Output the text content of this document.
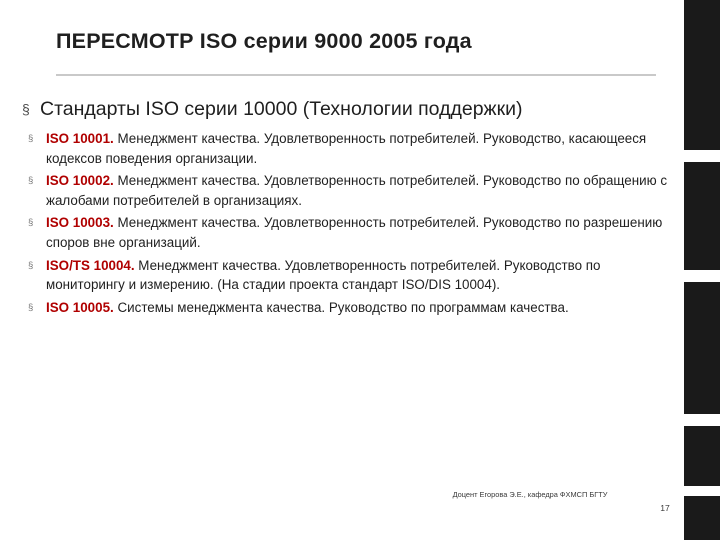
ПЕРЕСМОТР ISO серии 9000 2005 года
§ Стандарты ISO серии 10000 (Технологии поддержки)
§ ISO 10001. Менеджмент качества. Удовлетворенность потребителей. Руководство, касающееся кодексов поведения организации.
§ ISO 10002. Менеджмент качества. Удовлетворенность потребителей. Руководство по обращению с жалобами потребителей в организациях.
§ ISO 10003. Менеджмент качества. Удовлетворенность потребителей. Руководство по разрешению споров вне организаций.
§ ISO/TS 10004. Менеджмент качества. Удовлетворенность потребителей. Руководство по мониторингу и измерению. (На стадии проекта стандарт ISO/DIS 10004).
§ ISO 10005. Системы менеджмента качества. Руководство по программам качества.
Доцент Егорова Э.Е., кафедра ФХМСП БГТУ
17
